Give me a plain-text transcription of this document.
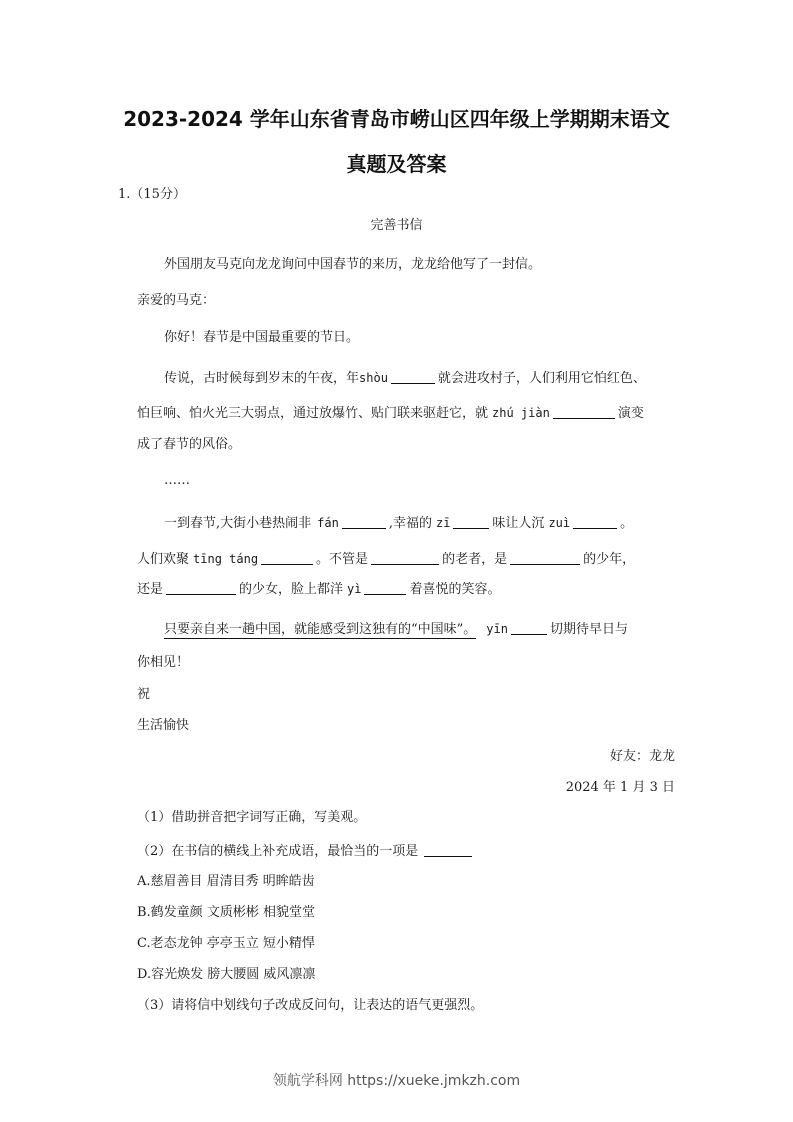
2023-2024 学年山东省青岛市崂山区四年级上学期期末语文
真题及答案
1.（15分）
完善书信
外国朋友马克向龙龙询问中国春节的来历，龙龙给他写了一封信。
亲爱的马克：
你好！春节是中国最重要的节日。
传说，古时候每到岁末的午夜，年shòu	就会进攻村子，人们利用它怕红色、
怕巨响、怕火光三大弱点，通过放爆竹、贴门联来驱赶它，就 zhú jiàn	演变
成了春节的风俗。
……
一到春节,大街小巷热闹非 fán	,幸福的 zī	味让人沉 zuì	。
人们欢聚 tīng táng	。不管是	的老者，是	的少年，
还是	的少女，脸上都洋 yì	着喜悦的笑容。
只要亲自来一趟中国，就能感受到这独有的“中国味”。 yīn	切期待早日与
你相见！
祝
生活愉快
好友：龙龙
2024 年 1 月 3 日
（1）借助拼音把字词写正确，写美观。
（2）在书信的横线上补充成语，最恰当的一项是
A.慈眉善目 眉清目秀 明眸皓齿
B.鹤发童颜 文质彬彬 相貌堂堂
C.老态龙钟 亭亭玉立 短小精悍
D.容光焕发 膀大腰圆 威风凛凛
（3）请将信中划线句子改成反问句，让表达的语气更强烈。
领航学科网 https://xueke.jmkzh.com
